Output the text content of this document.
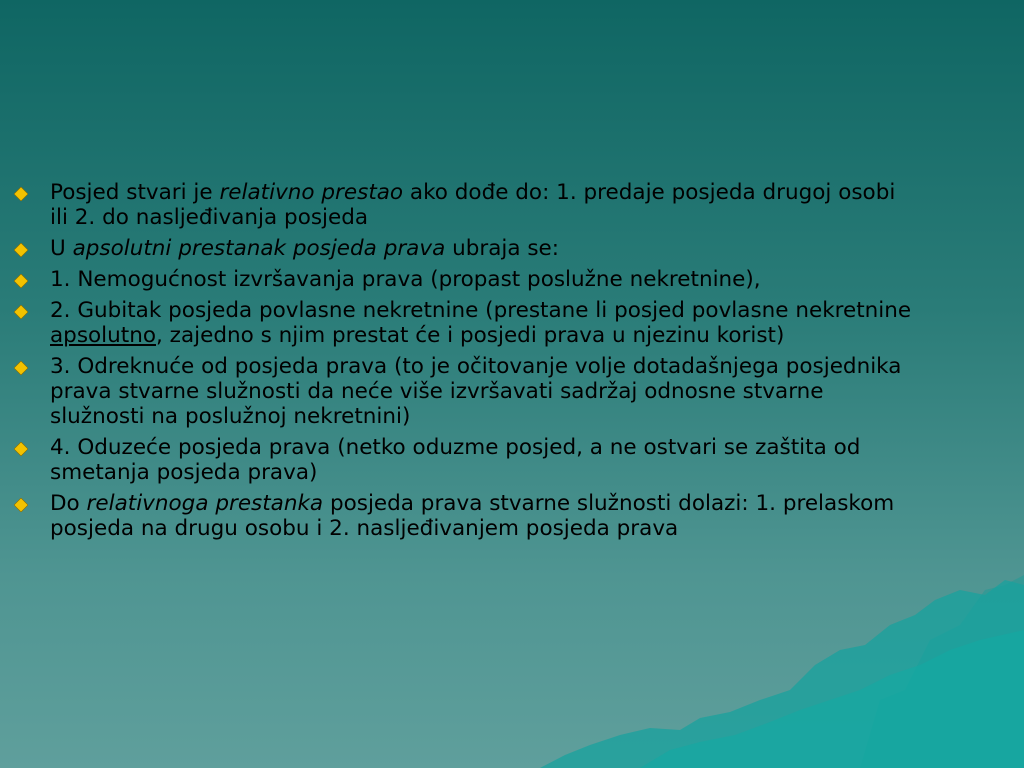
Posjed stvari je relativno prestao ako dođe do: 1. predaje posjeda drugoj osobi ili 2. do nasljeđivanja posjeda
U apsolutni prestanak posjeda prava ubraja se:
1. Nemogućnost izvršavanja prava (propast poslužne nekretnine),
2. Gubitak posjeda povlasne nekretnine (prestane li posjed povlasne nekretnine apsolutno, zajedno s njim prestat će i posjedi prava u njezinu korist)
3. Odreknuće od posjeda prava (to je očitovanje volje dotadašnjega posjednika prava stvarne služnosti da neće više izvršavati sadržaj odnosne stvarne služnosti na poslužnoj nekretnini)
4. Oduzeće posjeda prava (netko oduzme posjed, a ne ostvari se zaštita od smetanja posjeda prava)
Do relativnoga prestanka posjeda prava stvarne služnosti dolazi: 1. prelaskom posjeda na drugu osobu i 2. nasljeđivanjem posjeda prava
